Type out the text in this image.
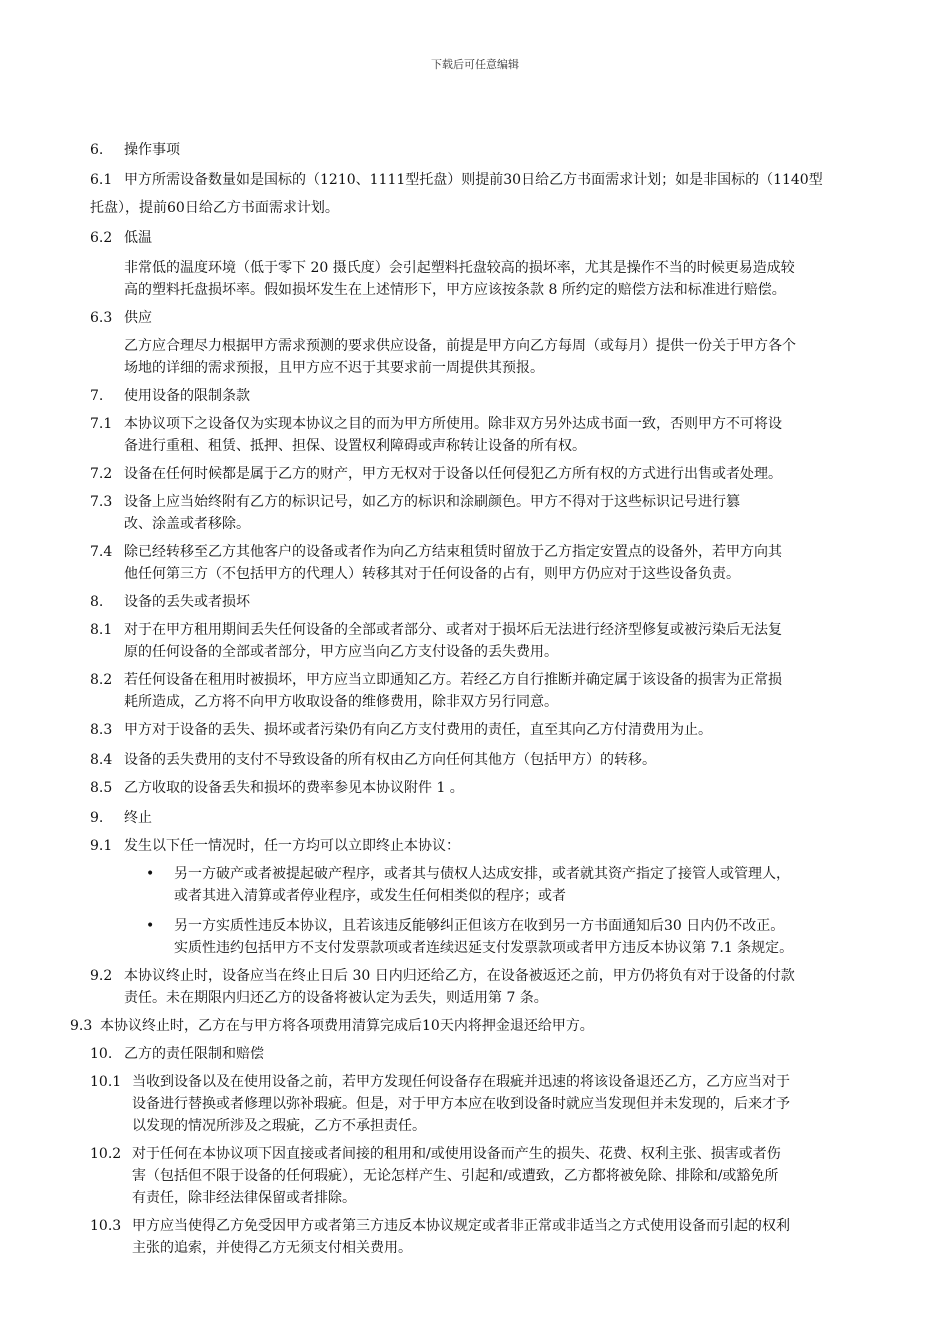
下载后可任意编辑
6. 操作事项
6.1 甲方所需设备数量如是国标的（1210、1111型托盘）则提前30日给乙方书面需求计划；如是非国标的（1140型
托盘），提前60日给乙方书面需求计划。
6.2 低温
非常低的温度环境（低于零下 20 摄氏度）会引起塑料托盘较高的损坏率，尤其是操作不当的时候更易造成较
高的塑料托盘损坏率。假如损坏发生在上述情形下，甲方应该按条款 8 所约定的赔偿方法和标准进行赔偿。
6.3 供应
乙方应合理尽力根据甲方需求预测的要求供应设备，前提是甲方向乙方每周（或每月）提供一份关于甲方各个
场地的详细的需求预报，且甲方应不迟于其要求前一周提供其预报。
7. 使用设备的限制条款
7.1 本协议项下之设备仅为实现本协议之目的而为甲方所使用。除非双方另外达成书面一致，否则甲方不可将设
备进行重租、租赁、抵押、担保、设置权利障碍或声称转让设备的所有权。
7.2 设备在任何时候都是属于乙方的财产，甲方无权对于设备以任何侵犯乙方所有权的方式进行出售或者处理。
7.3 设备上应当始终附有乙方的标识记号，如乙方的标识和涂刷颜色。甲方不得对于这些标识记号进行篡
改、涂盖或者移除。
7.4 除已经转移至乙方其他客户的设备或者作为向乙方结束租赁时留放于乙方指定安置点的设备外，若甲方向其
他任何第三方（不包括甲方的代理人）转移其对于任何设备的占有，则甲方仍应对于这些设备负责。
8. 设备的丢失或者损坏
8.1 对于在甲方租用期间丢失任何设备的全部或者部分、或者对于损坏后无法进行经济型修复或被污染后无法复
原的任何设备的全部或者部分，甲方应当向乙方支付设备的丢失费用。
8.2 若任何设备在租用时被损坏，甲方应当立即通知乙方。若经乙方自行推断并确定属于该设备的损害为正常损
耗所造成，乙方将不向甲方收取设备的维修费用，除非双方另行同意。
8.3 甲方对于设备的丢失、损坏或者污染仍有向乙方支付费用的责任，直至其向乙方付清费用为止。
8.4 设备的丢失费用的支付不导致设备的所有权由乙方向任何其他方（包括甲方）的转移。
8.5 乙方收取的设备丢失和损坏的费率参见本协议附件 1 。
9. 终止
9.1 发生以下任一情况时，任一方均可以立即终止本协议：
• 另一方破产或者被提起破产程序，或者其与债权人达成安排，或者就其资产指定了接管人或管理人，
或者其进入清算或者停业程序，或发生任何相类似的程序；或者
• 另一方实质性违反本协议，且若该违反能够纠正但该方在收到另一方书面通知后30 日内仍不改正。
实质性违约包括甲方不支付发票款项或者连续迟延支付发票款项或者甲方违反本协议第 7.1 条规定。
9.2 本协议终止时，设备应当在终止日后 30 日内归还给乙方，在设备被返还之前，甲方仍将负有对于设备的付款
责任。未在期限内归还乙方的设备将被认定为丢失，则适用第 7 条。
9.3 本协议终止时，乙方在与甲方将各项费用清算完成后10天内将押金退还给甲方。
10. 乙方的责任限制和赔偿
10.1 当收到设备以及在使用设备之前，若甲方发现任何设备存在瑕疵并迅速的将该设备退还乙方，乙方应当对于
设备进行替换或者修理以弥补瑕疵。但是，对于甲方本应在收到设备时就应当发现但并未发现的，后来才予
以发现的情况所涉及之瑕疵，乙方不承担责任。
10.2 对于任何在本协议项下因直接或者间接的租用和/或使用设备而产生的损失、花费、权利主张、损害或者伤
害（包括但不限于设备的任何瑕疵），无论怎样产生、引起和/或遭致，乙方都将被免除、排除和/或豁免所
有责任，除非经法律保留或者排除。
10.3 甲方应当使得乙方免受因甲方或者第三方违反本协议规定或者非正常或非适当之方式使用设备而引起的权利
主张的追索，并使得乙方无须支付相关费用。
